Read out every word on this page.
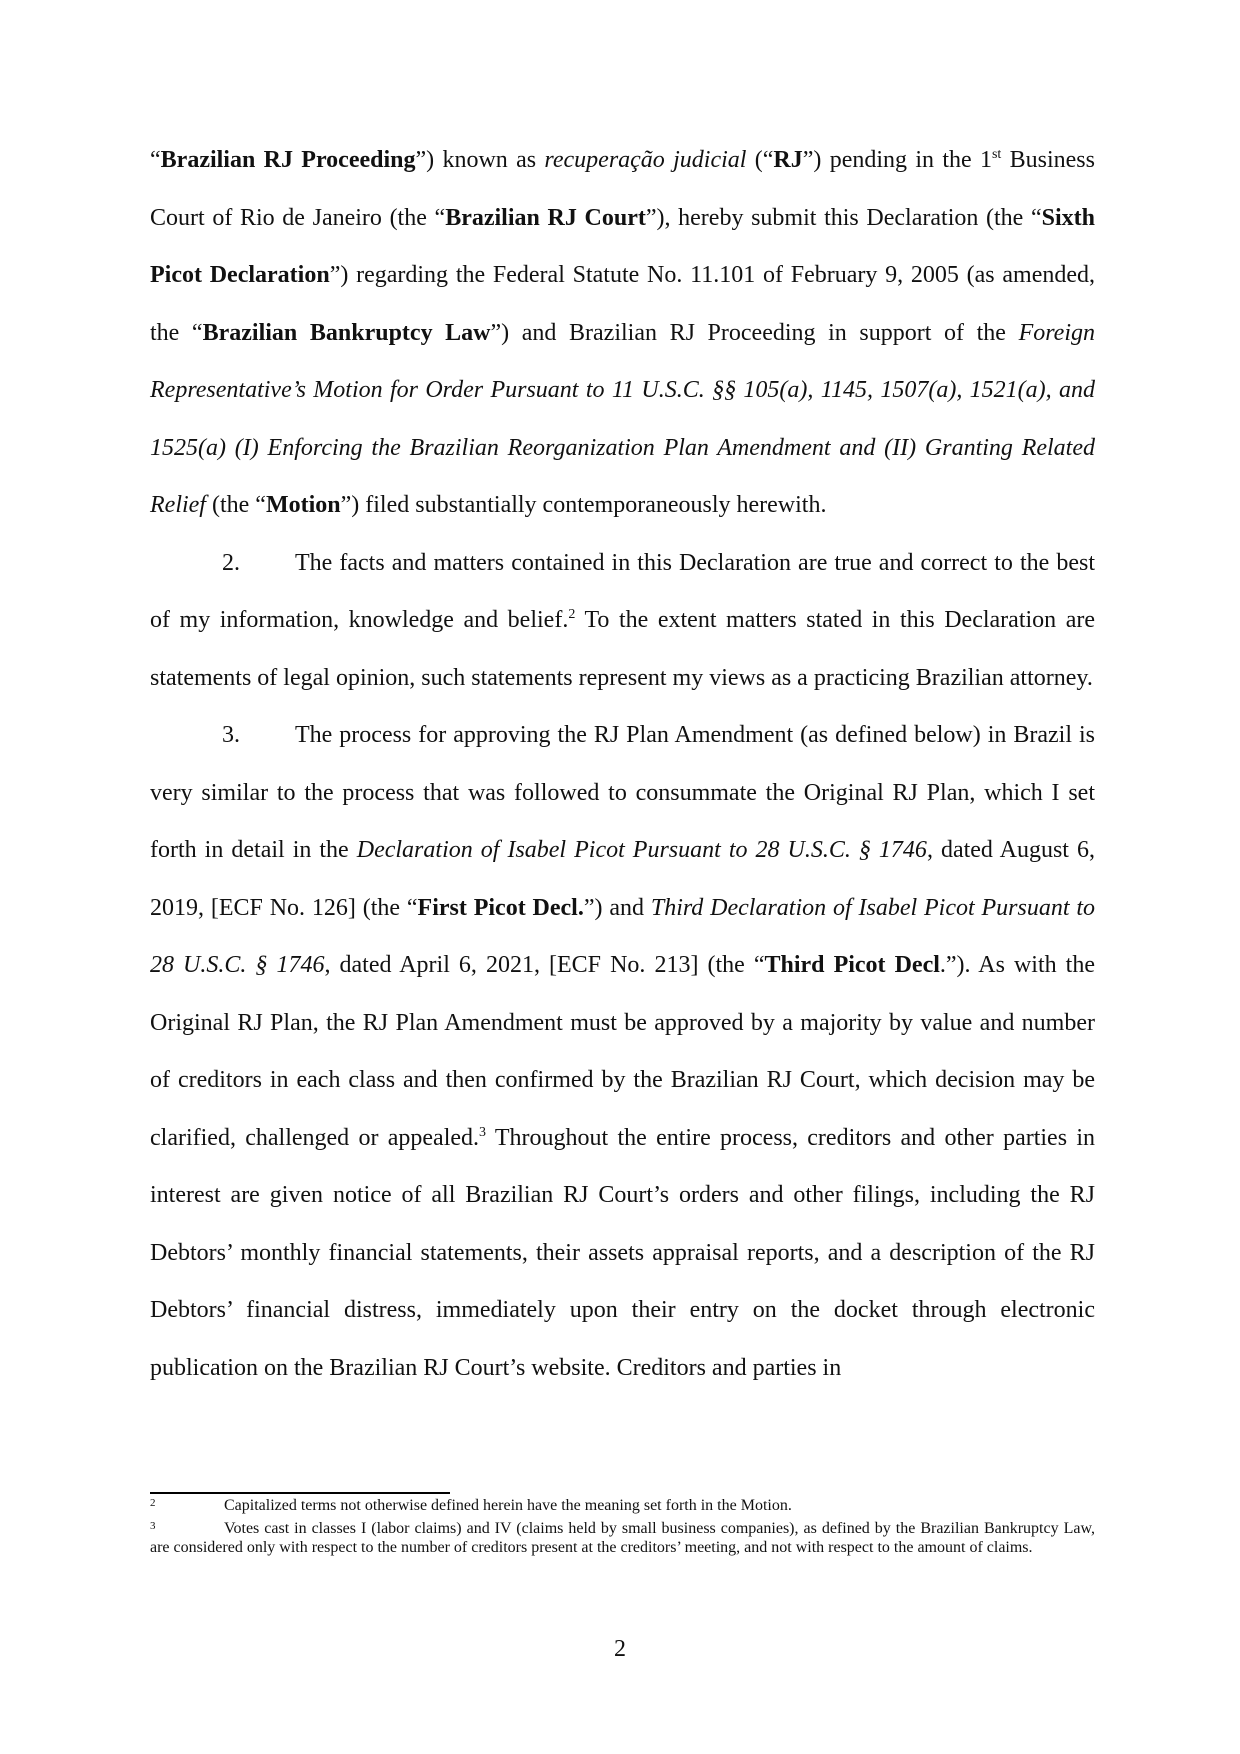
“Brazilian RJ Proceeding”) known as recuperação judicial (“RJ”) pending in the 1st Business Court of Rio de Janeiro (the “Brazilian RJ Court”), hereby submit this Declaration (the “Sixth Picot Declaration”) regarding the Federal Statute No. 11.101 of February 9, 2005 (as amended, the “Brazilian Bankruptcy Law”) and Brazilian RJ Proceeding in support of the Foreign Representative’s Motion for Order Pursuant to 11 U.S.C. §§ 105(a), 1145, 1507(a), 1521(a), and 1525(a) (I) Enforcing the Brazilian Reorganization Plan Amendment and (II) Granting Related Relief (the “Motion”) filed substantially contemporaneously herewith.

2. The facts and matters contained in this Declaration are true and correct to the best of my information, knowledge and belief.$^2$ To the extent matters stated in this Declaration are statements of legal opinion, such statements represent my views as a practicing Brazilian attorney.

3. The process for approving the RJ Plan Amendment (as defined below) in Brazil is very similar to the process that was followed to consummate the Original RJ Plan, which I set forth in detail in the Declaration of Isabel Picot Pursuant to 28 U.S.C. § 1746, dated August 6, 2019, [ECF No. 126] (the “First Picot Decl.”) and Third Declaration of Isabel Picot Pursuant to 28 U.S.C. § 1746, dated April 6, 2021, [ECF No. 213] (the “Third Picot Decl.”). As with the Original RJ Plan, the RJ Plan Amendment must be approved by a majority by value and number of creditors in each class and then confirmed by the Brazilian RJ Court, which decision may be clarified, challenged or appealed.$^3$ Throughout the entire process, creditors and other parties in interest are given notice of all Brazilian RJ Court’s orders and other filings, including the RJ Debtors’ monthly financial statements, their assets appraisal reports, and a description of the RJ Debtors’ financial distress, immediately upon their entry on the docket through electronic publication on the Brazilian RJ Court’s website. Creditors and parties in

2	Capitalized terms not otherwise defined herein have the meaning set forth in the Motion.

3	Votes cast in classes I (labor claims) and IV (claims held by small business companies), as defined by the Brazilian Bankruptcy Law, are considered only with respect to the number of creditors present at the creditors’ meeting, and not with respect to the amount of claims.

2
